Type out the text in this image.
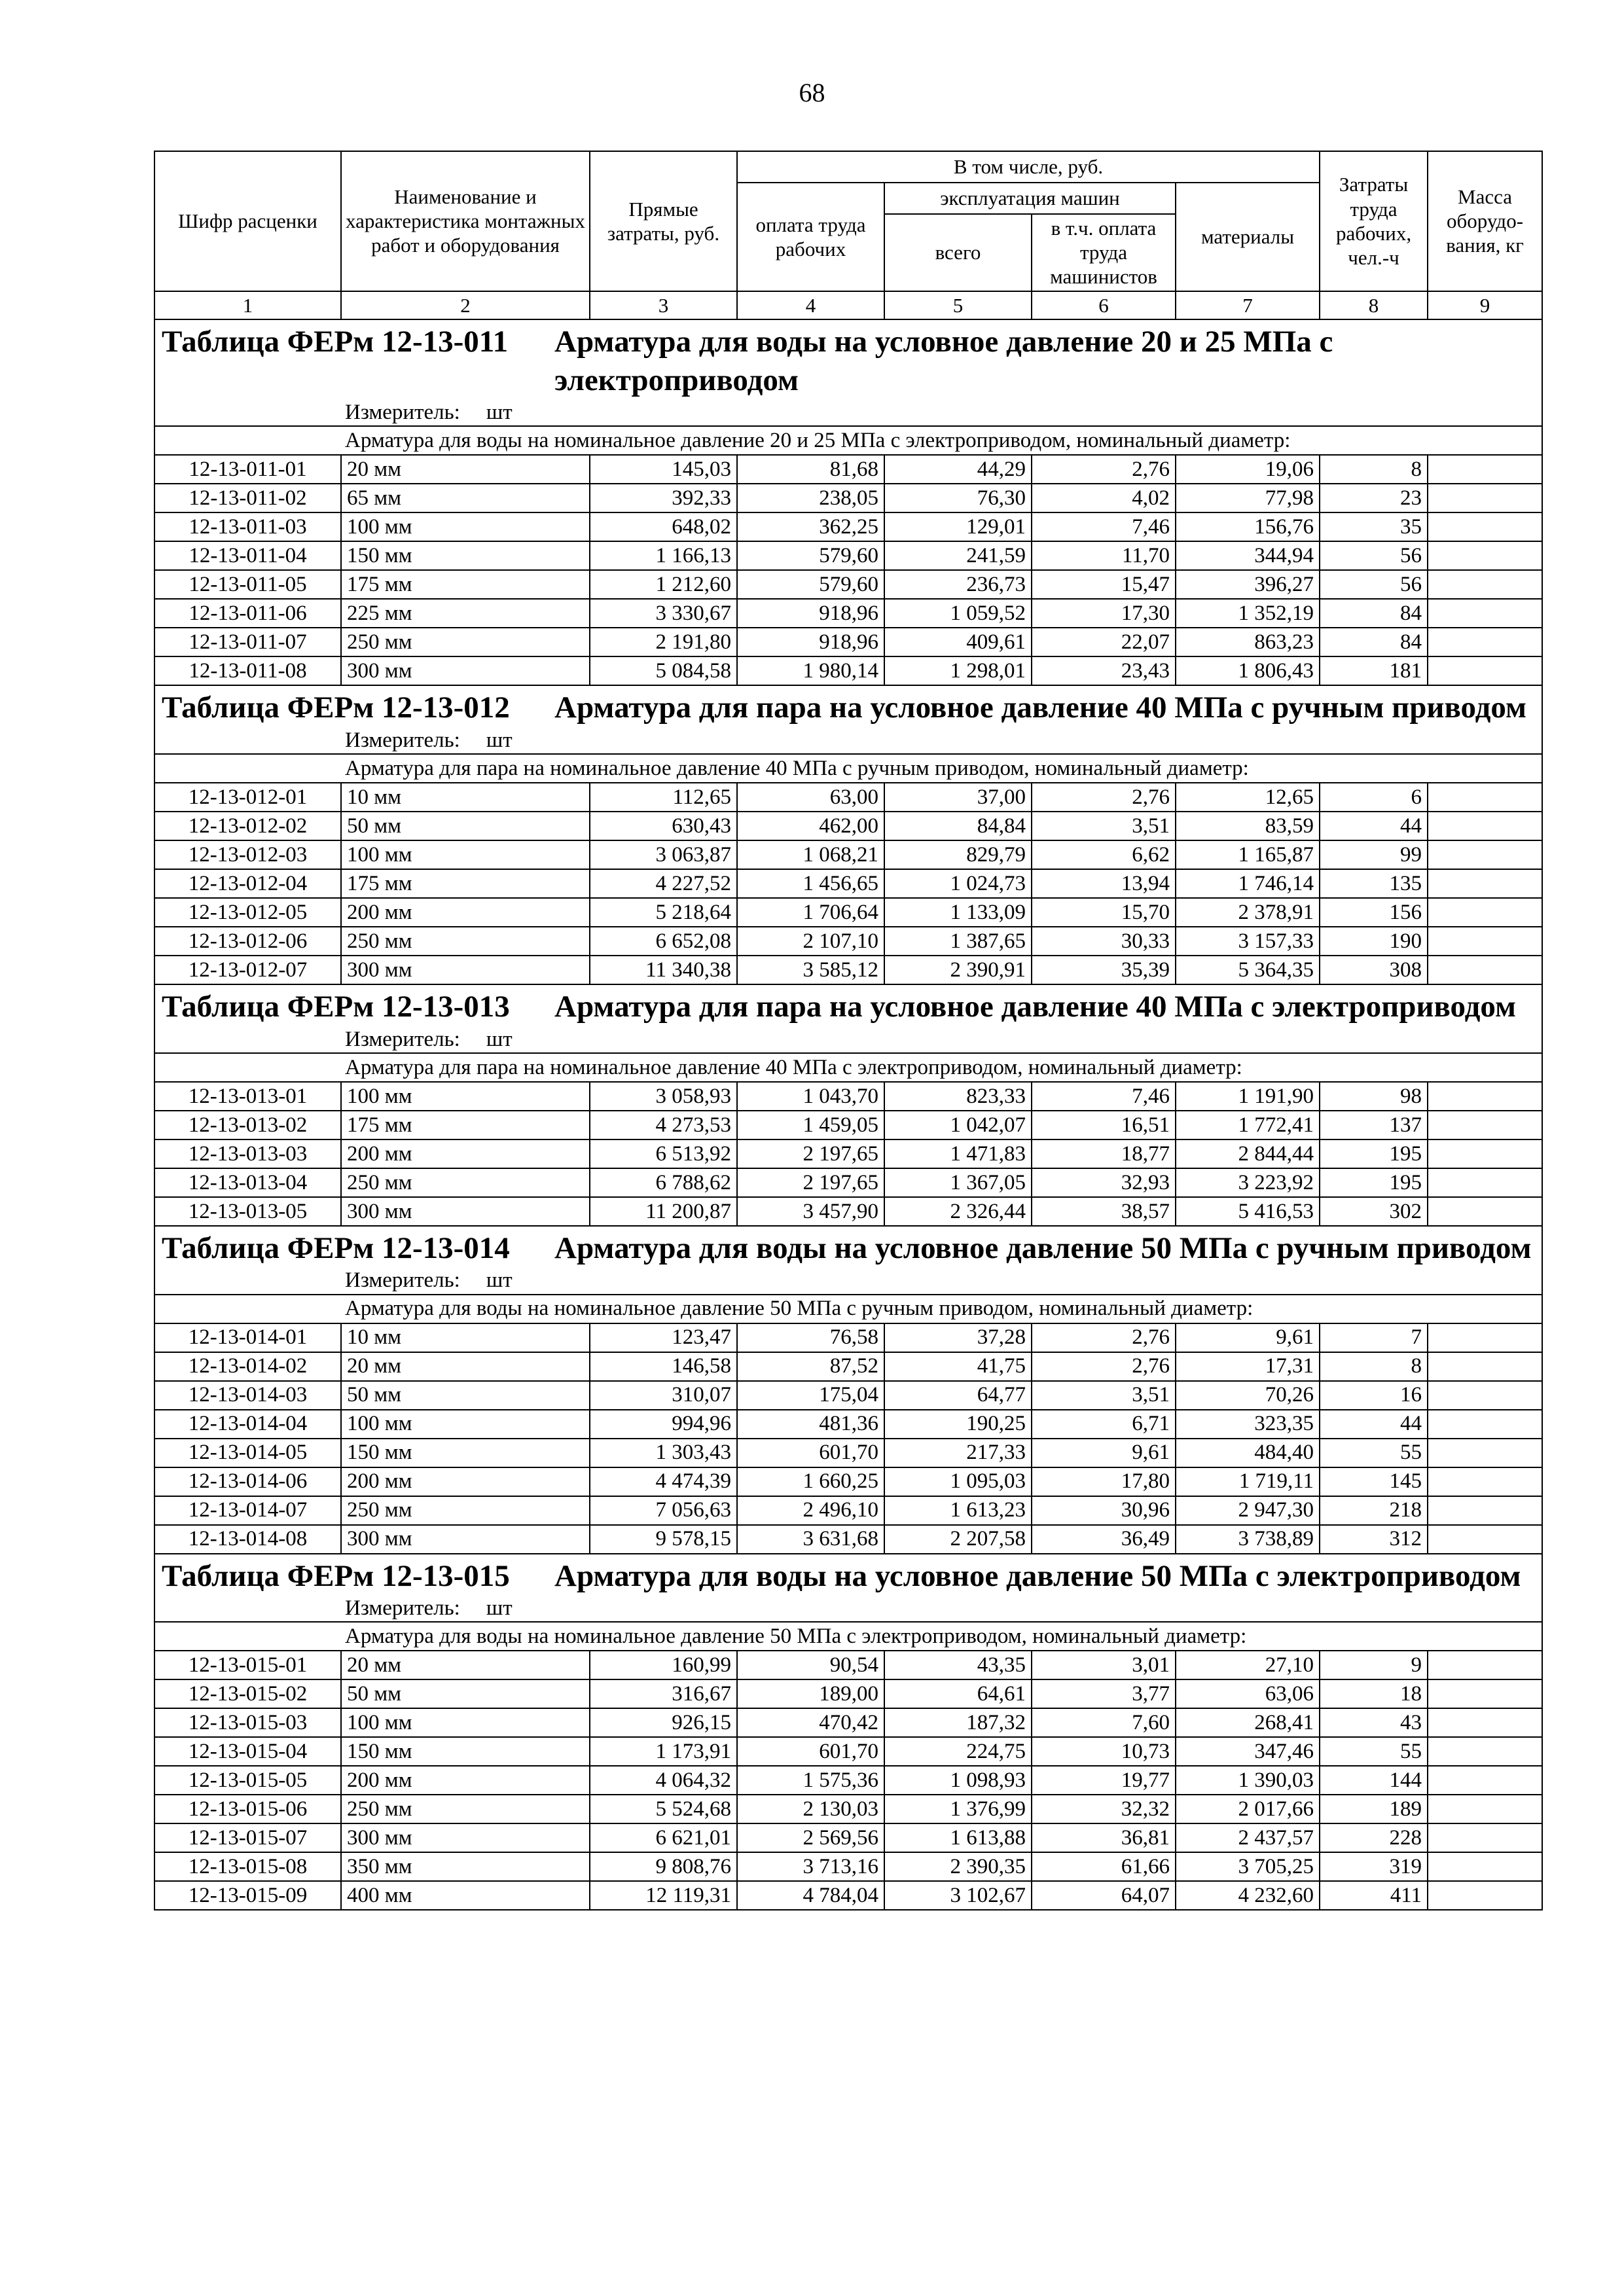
68
Шифр расценки	Наименование и характеристика монтажных работ и оборудования	Прямые затраты, руб.	В том числе, руб.				Затраты труда рабочих, чел.-ч	Масса оборудо-вания, кг
			оплата труда рабочих	эксплуатация машин		материалы		
				всего	в т.ч. оплата труда машинистов			
1	2	3	4	5	6	7	8	9

Таблица ФЕРм 12-13-011 Арматура для воды на условное давление 20 и 25 МПа с электроприводом								

Измеритель: шт								
Арматура для воды на номинальное давление 20 и 25 МПа с электроприводом, номинальный диаметр:								
12-13-011-01	20 мм	145,03	81,68	44,29	2,76	19,06	8	
12-13-011-02	65 мм	392,33	238,05	76,30	4,02	77,98	23	
12-13-011-03	100 мм	648,02	362,25	129,01	7,46	156,76	35	
12-13-011-04	150 мм	1 166,13	579,60	241,59	11,70	344,94	56	
12-13-011-05	175 мм	1 212,60	579,60	236,73	15,47	396,27	56	
12-13-011-06	225 мм	3 330,67	918,96	1 059,52	17,30	1 352,19	84	
12-13-011-07	250 мм	2 191,80	918,96	409,61	22,07	863,23	84	
12-13-011-08	300 мм	5 084,58	1 980,14	1 298,01	23,43	1 806,43	181	

Таблица ФЕРм 12-13-012 Арматура для пара на условное давление 40 МПа с ручным приводом								

Измеритель: шт								
Арматура для пара на номинальное давление 40 МПа с ручным приводом, номинальный диаметр:								
12-13-012-01	10 мм	112,65	63,00	37,00	2,76	12,65	6	
12-13-012-02	50 мм	630,43	462,00	84,84	3,51	83,59	44	
12-13-012-03	100 мм	3 063,87	1 068,21	829,79	6,62	1 165,87	99	
12-13-012-04	175 мм	4 227,52	1 456,65	1 024,73	13,94	1 746,14	135	
12-13-012-05	200 мм	5 218,64	1 706,64	1 133,09	15,70	2 378,91	156	
12-13-012-06	250 мм	6 652,08	2 107,10	1 387,65	30,33	3 157,33	190	
12-13-012-07	300 мм	11 340,38	3 585,12	2 390,91	35,39	5 364,35	308	

Таблица ФЕРм 12-13-013 Арматура для пара на условное давление 40 МПа с электроприводом								

Измеритель: шт								
Арматура для пара на номинальное давление 40 МПа с электроприводом, номинальный диаметр:								
12-13-013-01	100 мм	3 058,93	1 043,70	823,33	7,46	1 191,90	98	
12-13-013-02	175 мм	4 273,53	1 459,05	1 042,07	16,51	1 772,41	137	
12-13-013-03	200 мм	6 513,92	2 197,65	1 471,83	18,77	2 844,44	195	
12-13-013-04	250 мм	6 788,62	2 197,65	1 367,05	32,93	3 223,92	195	
12-13-013-05	300 мм	11 200,87	3 457,90	2 326,44	38,57	5 416,53	302	

Таблица ФЕРм 12-13-014 Арматура для воды на условное давление 50 МПа с ручным приводом								

Измеритель: шт								
Арматура для воды на номинальное давление 50 МПа с ручным приводом, номинальный диаметр:								
12-13-014-01	10 мм	123,47	76,58	37,28	2,76	9,61	7	
12-13-014-02	20 мм	146,58	87,52	41,75	2,76	17,31	8	
12-13-014-03	50 мм	310,07	175,04	64,77	3,51	70,26	16	
12-13-014-04	100 мм	994,96	481,36	190,25	6,71	323,35	44	
12-13-014-05	150 мм	1 303,43	601,70	217,33	9,61	484,40	55	
12-13-014-06	200 мм	4 474,39	1 660,25	1 095,03	17,80	1 719,11	145	
12-13-014-07	250 мм	7 056,63	2 496,10	1 613,23	30,96	2 947,30	218	
12-13-014-08	300 мм	9 578,15	3 631,68	2 207,58	36,49	3 738,89	312	

Таблица ФЕРм 12-13-015 Арматура для воды на условное давление 50 МПа с электроприводом								

Измеритель: шт								
Арматура для воды на номинальное давление 50 МПа с электроприводом, номинальный диаметр:								
12-13-015-01	20 мм	160,99	90,54	43,35	3,01	27,10	9	
12-13-015-02	50 мм	316,67	189,00	64,61	3,77	63,06	18	
12-13-015-03	100 мм	926,15	470,42	187,32	7,60	268,41	43	
12-13-015-04	150 мм	1 173,91	601,70	224,75	10,73	347,46	55	
12-13-015-05	200 мм	4 064,32	1 575,36	1 098,93	19,77	1 390,03	144	
12-13-015-06	250 мм	5 524,68	2 130,03	1 376,99	32,32	2 017,66	189	
12-13-015-07	300 мм	6 621,01	2 569,56	1 613,88	36,81	2 437,57	228	
12-13-015-08	350 мм	9 808,76	3 713,16	2 390,35	61,66	3 705,25	319	
12-13-015-09	400 мм	12 119,31	4 784,04	3 102,67	64,07	4 232,60	411	
